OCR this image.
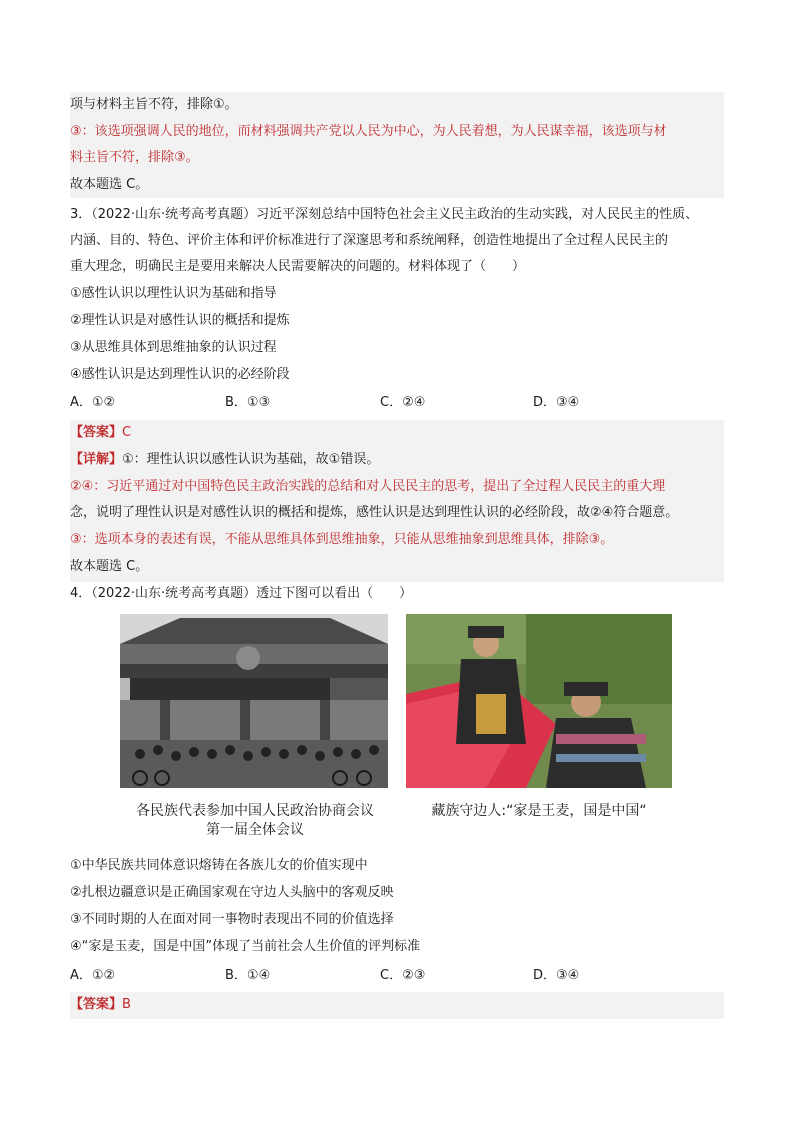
项与材料主旨不符，排除①。
③：该选项强调人民的地位，而材料强调共产党以人民为中心，为人民着想，为人民谋幸福，该选项与材
料主旨不符，排除③。
故本题选 C。
3．（2022·山东·统考高考真题）习近平深刻总结中国特色社会主义民主政治的生动实践，对人民民主的性质、
内涵、目的、特色、评价主体和评价标准进行了深邃思考和系统阐释，创造性地提出了全过程人民民主的
重大理念，明确民主是要用来解决人民需要解决的问题的。材料体现了（　　）
①感性认识以理性认识为基础和指导
②理性认识是对感性认识的概括和提炼
③从思维具体到思维抽象的认识过程
④感性认识是达到理性认识的必经阶段
A．①②	B．①③	C．②④	D．③④
【答案】C
【详解】①：理性认识以感性认识为基础，故①错误。
②④：习近平通过对中国特色民主政治实践的总结和对人民民主的思考，提出了全过程人民民主的重大理
念，说明了理性认识是对感性认识的概括和提炼，感性认识是达到理性认识的必经阶段，故②④符合题意。
③：选项本身的表述有误，不能从思维具体到思维抽象，只能从思维抽象到思维具体，排除③。
故本题选 C。
4．（2022·山东·统考高考真题）透过下图可以看出（　　）
各民族代表参加中国人民政治协商会议
第一届全体会议
藏族守边人:“家是王麦，国是中国“
①中华民族共同体意识熔铸在各族儿女的价值实现中
②扎根边疆意识是正确国家观在守边人头脑中的客观反映
③不同时期的人在面对同一事物时表现出不同的价值选择
④“家是玉麦，国是中国”体现了当前社会人生价值的评判标准
A．①②	B．①④	C．②③	D．③④
【答案】B
